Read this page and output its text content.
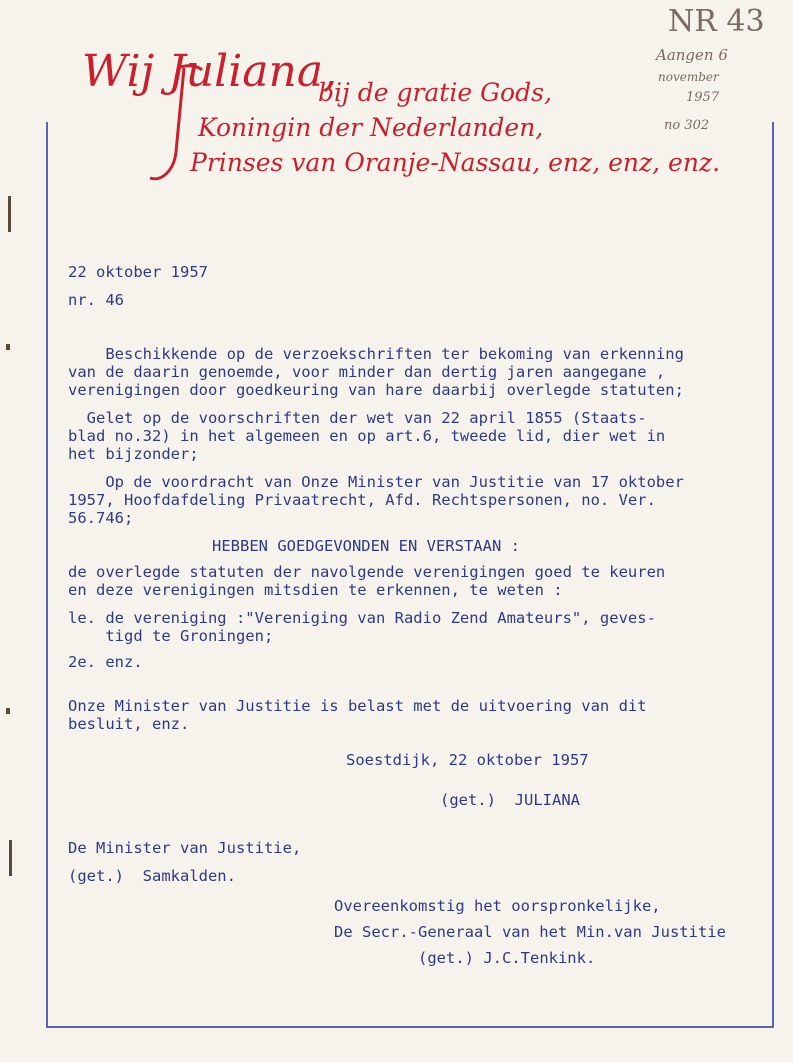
Wij Juliana,
bij de gratie Gods,
Koningin der Nederlanden,
Prinses van Oranje-Nassau, enz, enz, enz.
NR 43
Aangen 6
november
1957
no 302
22 oktober 1957
nr. 46
Beschikkende op de verzoekschriften ter bekoming van erkenning
van de daarin genoemde, voor minder dan dertig jaren aangegane ,
verenigingen door goedkeuring van hare daarbij overlegde statuten;
Gelet op de voorschriften der wet van 22 april 1855 (Staats-
blad no.32) in het algemeen en op art.6, tweede lid, dier wet in
het bijzonder;
Op de voordracht van Onze Minister van Justitie van 17 oktober
1957, Hoofdafdeling Privaatrecht, Afd. Rechtspersonen, no. Ver.
56.746;
HEBBEN GOEDGEVONDEN EN VERSTAAN :
de overlegde statuten der navolgende verenigingen goed te keuren
en deze verenigingen mitsdien te erkennen, te weten :
le. de vereniging :"Vereniging van Radio Zend Amateurs", geves-
tigd te Groningen;
2e. enz.
Onze Minister van Justitie is belast met de uitvoering van dit
besluit, enz.
Soestdijk, 22 oktober 1957
(get.)  JULIANA
De Minister van Justitie,
(get.)  Samkalden.
Overeenkomstig het oorspronkelijke,
De Secr.-Generaal van het Min.van Justitie
(get.) J.C.Tenkink.
